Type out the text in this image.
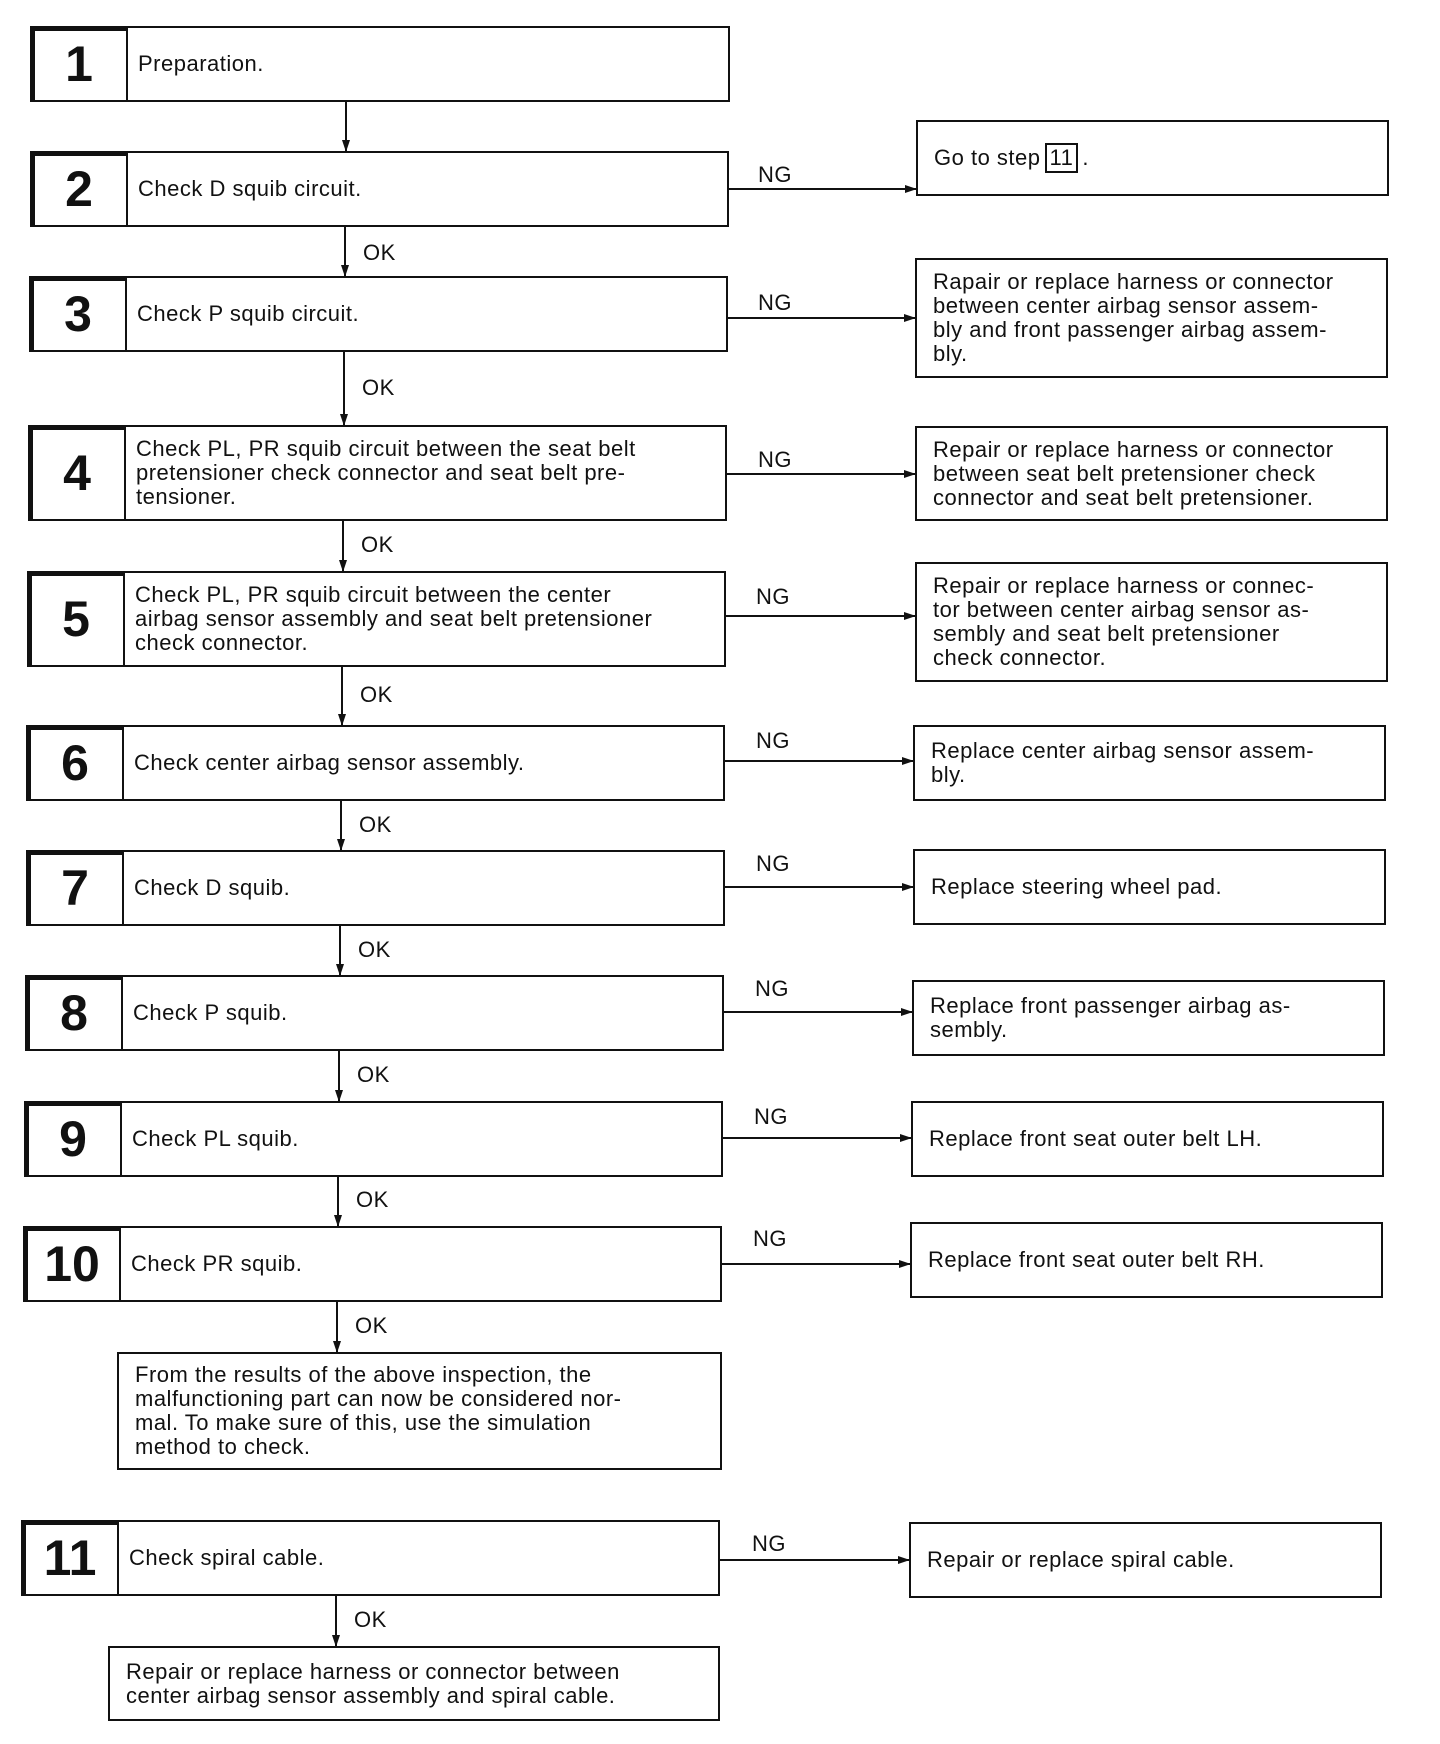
1	Preparation.
2	Check D squib circuit.
3	Check P squib circuit.
4	Check PL, PR squib circuit between the seat belt
pretensioner check connector and seat belt pre-
tensioner.
5	Check PL, PR squib circuit between the center
airbag sensor assembly and seat belt pretensioner
check connector.
6	Check center airbag sensor assembly.
7	Check D squib.
8	Check P squib.
9	Check PL squib.
10	Check PR squib.
11	Check spiral cable.
Go to step 11 .
Rapair or replace harness or connector
between center airbag sensor assem-
bly and front passenger airbag assem-
bly.
Repair or replace harness or connector
between seat belt pretensioner check
connector and seat belt pretensioner.
Repair or replace harness or connec-
tor between center airbag sensor as-
sembly and seat belt pretensioner
check connector.
Replace center airbag sensor assem-
bly.
Replace steering wheel pad.
Replace front passenger airbag as-
sembly.
Replace front seat outer belt LH.
Replace front seat outer belt RH.
Repair or replace spiral cable.
From the results of the above inspection, the
malfunctioning part can now be considered nor-
mal. To make sure of this, use the simulation
method to check.
Repair or replace harness or connector between
center airbag sensor assembly and spiral cable.
OK
OK
OK
OK
OK
OK
OK
OK
OK
OK
NG
NG
NG
NG
NG
NG
NG
NG
NG
NG
